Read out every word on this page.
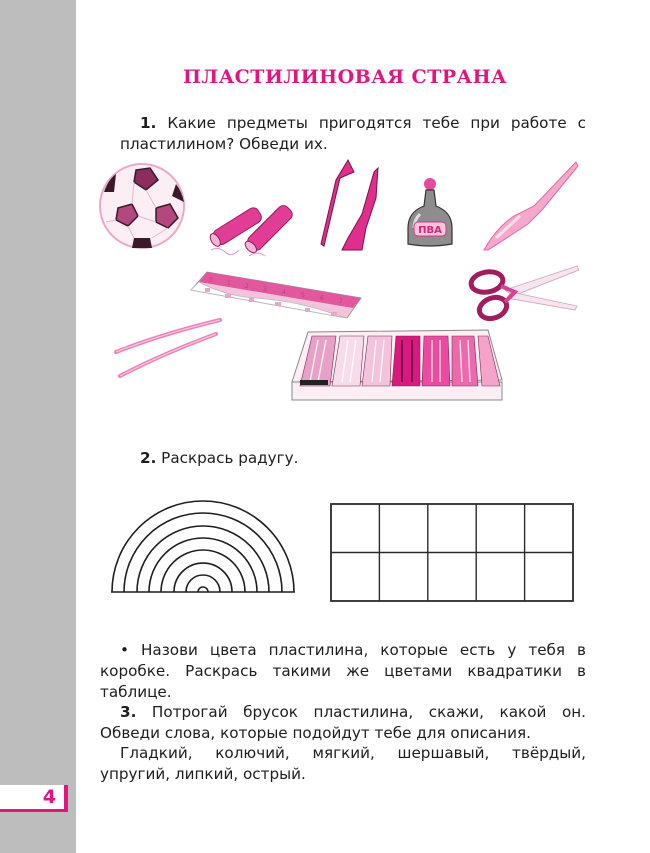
4
ПЛАСТИЛИНОВАЯ СТРАНА
1. Какие предметы пригодятся тебе при работе с пластилином? Обведи их.
ПВА
0 1 2 3	4	5	6	7
2. Раскрась радугу.
• Назови цвета пластилина, которые есть у тебя в коробке. Раскрась такими же цветами квадратики в таблице.
3. Потрогай брусок пластилина, скажи, какой он. Обведи слова, которые подойдут тебе для описания.
Гладкий, колючий, мягкий, шершавый, твёрдый, упругий, липкий, острый.
